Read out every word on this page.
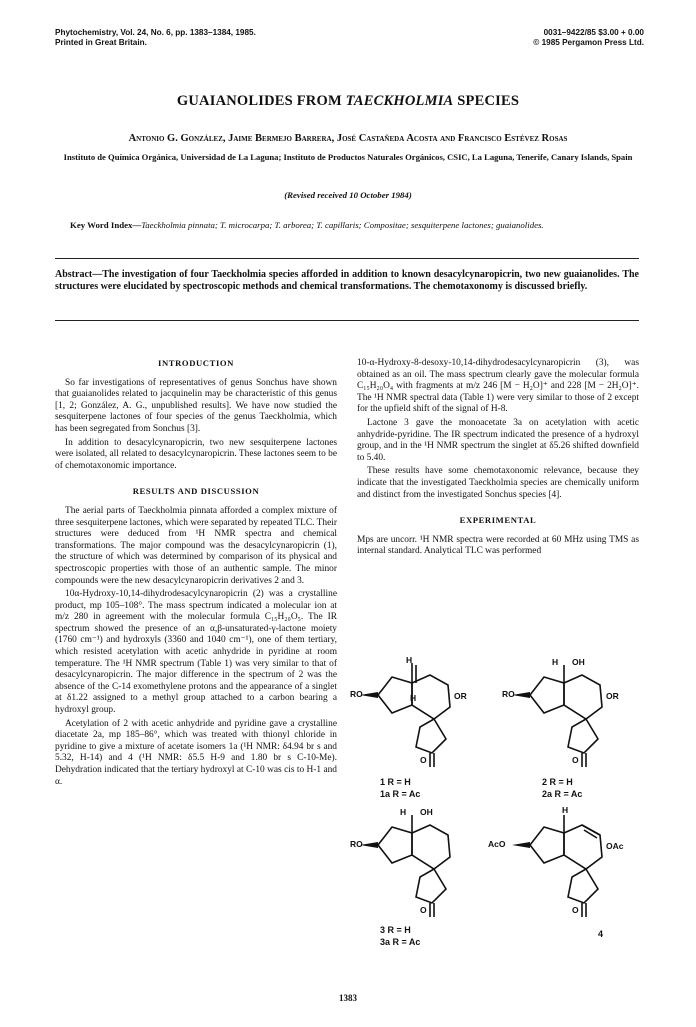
Phytochemistry, Vol. 24, No. 6, pp. 1383–1384, 1985.
Printed in Great Britain.
0031–9422/85 $3.00 + 0.00
© 1985 Pergamon Press Ltd.
GUAIANOLIDES FROM TAECKHOLMIA SPECIES
Antonio G. González, Jaime Bermejo Barrera, José Castañeda Acosta and Francisco Estévez Rosas
Instituto de Química Orgánica, Universidad de La Laguna; Instituto de Productos Naturales Orgánicos, CSIC, La Laguna, Tenerife, Canary Islands, Spain
(Revised received 10 October 1984)
Key Word Index—Taeckholmia pinnata; T. microcarpa; T. arborea; T. capillaris; Compositae; sesquiterpene lactones; guaianolides.
Abstract—The investigation of four Taeckholmia species afforded in addition to known desacylcynaropicrin, two new guaianolides. The structures were elucidated by spectroscopic methods and chemical transformations. The chemotaxonomy is discussed briefly.
INTRODUCTION

So far investigations of representatives of genus Sonchus have shown that guaianolides related to jacquinelin may be characteristic of this genus [1, 2; González, A. G., unpublished results]. We have now studied the sesquiterpene lactones of four species of the genus Taeckholmia, which has been segregated from Sonchus [3].

In addition to desacylcynaropicrin, two new sesquiterpene lactones were isolated, all related to desacylcynaropicrin. These lactones seem to be of chemotaxonomic importance.

RESULTS AND DISCUSSION

The aerial parts of Taeckholmia pinnata afforded a complex mixture of three sesquiterpene lactones, which were separated by repeated TLC. Their structures were deduced from ¹H NMR spectra and chemical transformations. The major compound was the desacylcynaropicrin (1), the structure of which was determined by comparison of its physical and spectroscopic properties with those of an authentic sample. The minor compounds were the new desacylcynaropicrin derivatives 2 and 3.

10α-Hydroxy-10,14-dihydrodesacylcynaropicrin (2) was a crystalline product, mp 105–108°. The mass spectrum indicated a molecular ion at m/z 280 in agreement with the molecular formula C₁₅H₂₀O₅. The IR spectrum showed the presence of an α,β-unsaturated-γ-lactone moiety (1760 cm⁻¹) and hydroxyls (3360 and 1040 cm⁻¹), one of them tertiary, which resisted acetylation with acetic anhydride in pyridine at room temperature. The ¹H NMR spectrum (Table 1) was very similar to that of desacylcynaropicrin. The major difference in the spectrum of 2 was the absence of the C-14 exomethylene protons and the appearance of a singlet at δ1.22 assigned to a methyl group attached to a carbon bearing a hydroxyl group.

Acetylation of 2 with acetic anhydride and pyridine gave a crystalline diacetate 2a, mp 185–86°, which was treated with thionyl chloride in pyridine to give a mixture of acetate isomers 1a (¹H NMR: δ4.94 br s and 5.32, H-14) and 4 (¹H NMR: δ5.5 H-9 and 1.80 br s C-10-Me). Dehydration indicated that the tertiary hydroxyl at C-10 was cis to H-1 and α.

10-α-Hydroxy-8-desoxy-10,14-dihydrodesacylcynaropicrin (3), was obtained as an oil. The mass spectrum clearly gave the molecular formula C₁₅H₂₀O₄ with fragments at m/z 246 [M − H₂O]⁺ and 228 [M − 2H₂O]⁺. The ¹H NMR spectral data (Table 1) were very similar to those of 2 except for the upfield shift of the signal of H-8.

Lactone 3 gave the monoacetate 3a on acetylation with acetic anhydride-pyridine. The IR spectrum indicated the presence of a hydroxyl group, and in the ¹H NMR spectrum the singlet at δ5.26 shifted downfield to 5.40.

These results have some chemotaxonomic relevance, because they indicate that the investigated Taeckholmia species are chemically uniform and distinct from the investigated Sonchus species [4].

EXPERIMENTAL

Mps are uncorr. ¹H NMR spectra were recorded at 60 MHz using TMS as internal standard. Analytical TLC was performed

RO
H
H	OR
O
1 R = H
1a R = Ac
RO
H OH
OR
O
2 R = H
2a R = Ac
RO
H OH
O
3 R = H
3a R = Ac
AcO
H
OAc
O
4
1383
